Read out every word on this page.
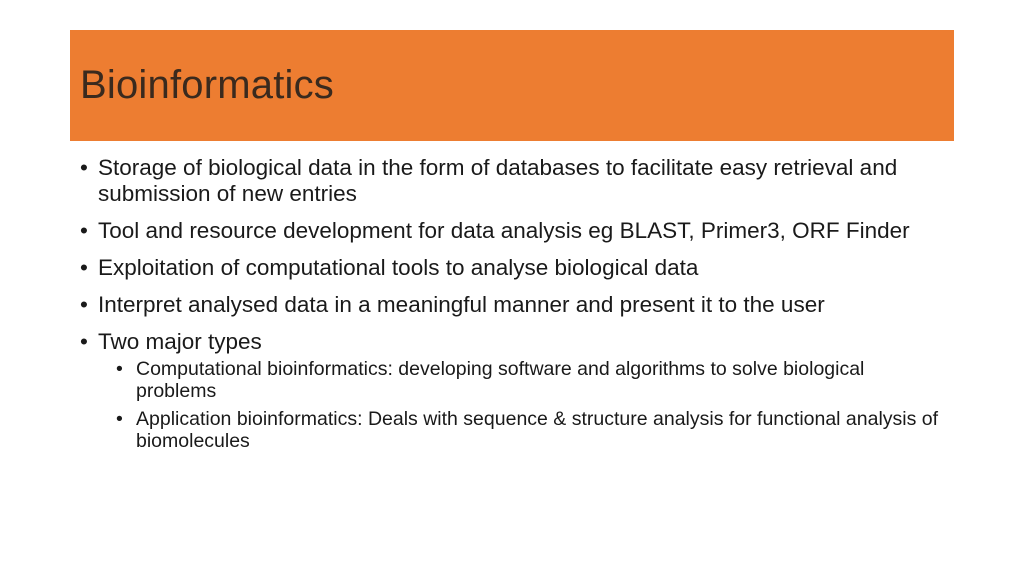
Bioinformatics
• Storage of biological data in the form of databases to facilitate easy retrieval and submission of new entries
• Tool and resource development for data analysis eg BLAST, Primer3, ORF Finder
• Exploitation of computational tools to analyse biological data
• Interpret analysed data in a meaningful manner and present it to the user
• Two major types
• Computational bioinformatics: developing software and algorithms to solve biological problems
• Application bioinformatics: Deals with sequence & structure analysis for functional analysis of biomolecules
